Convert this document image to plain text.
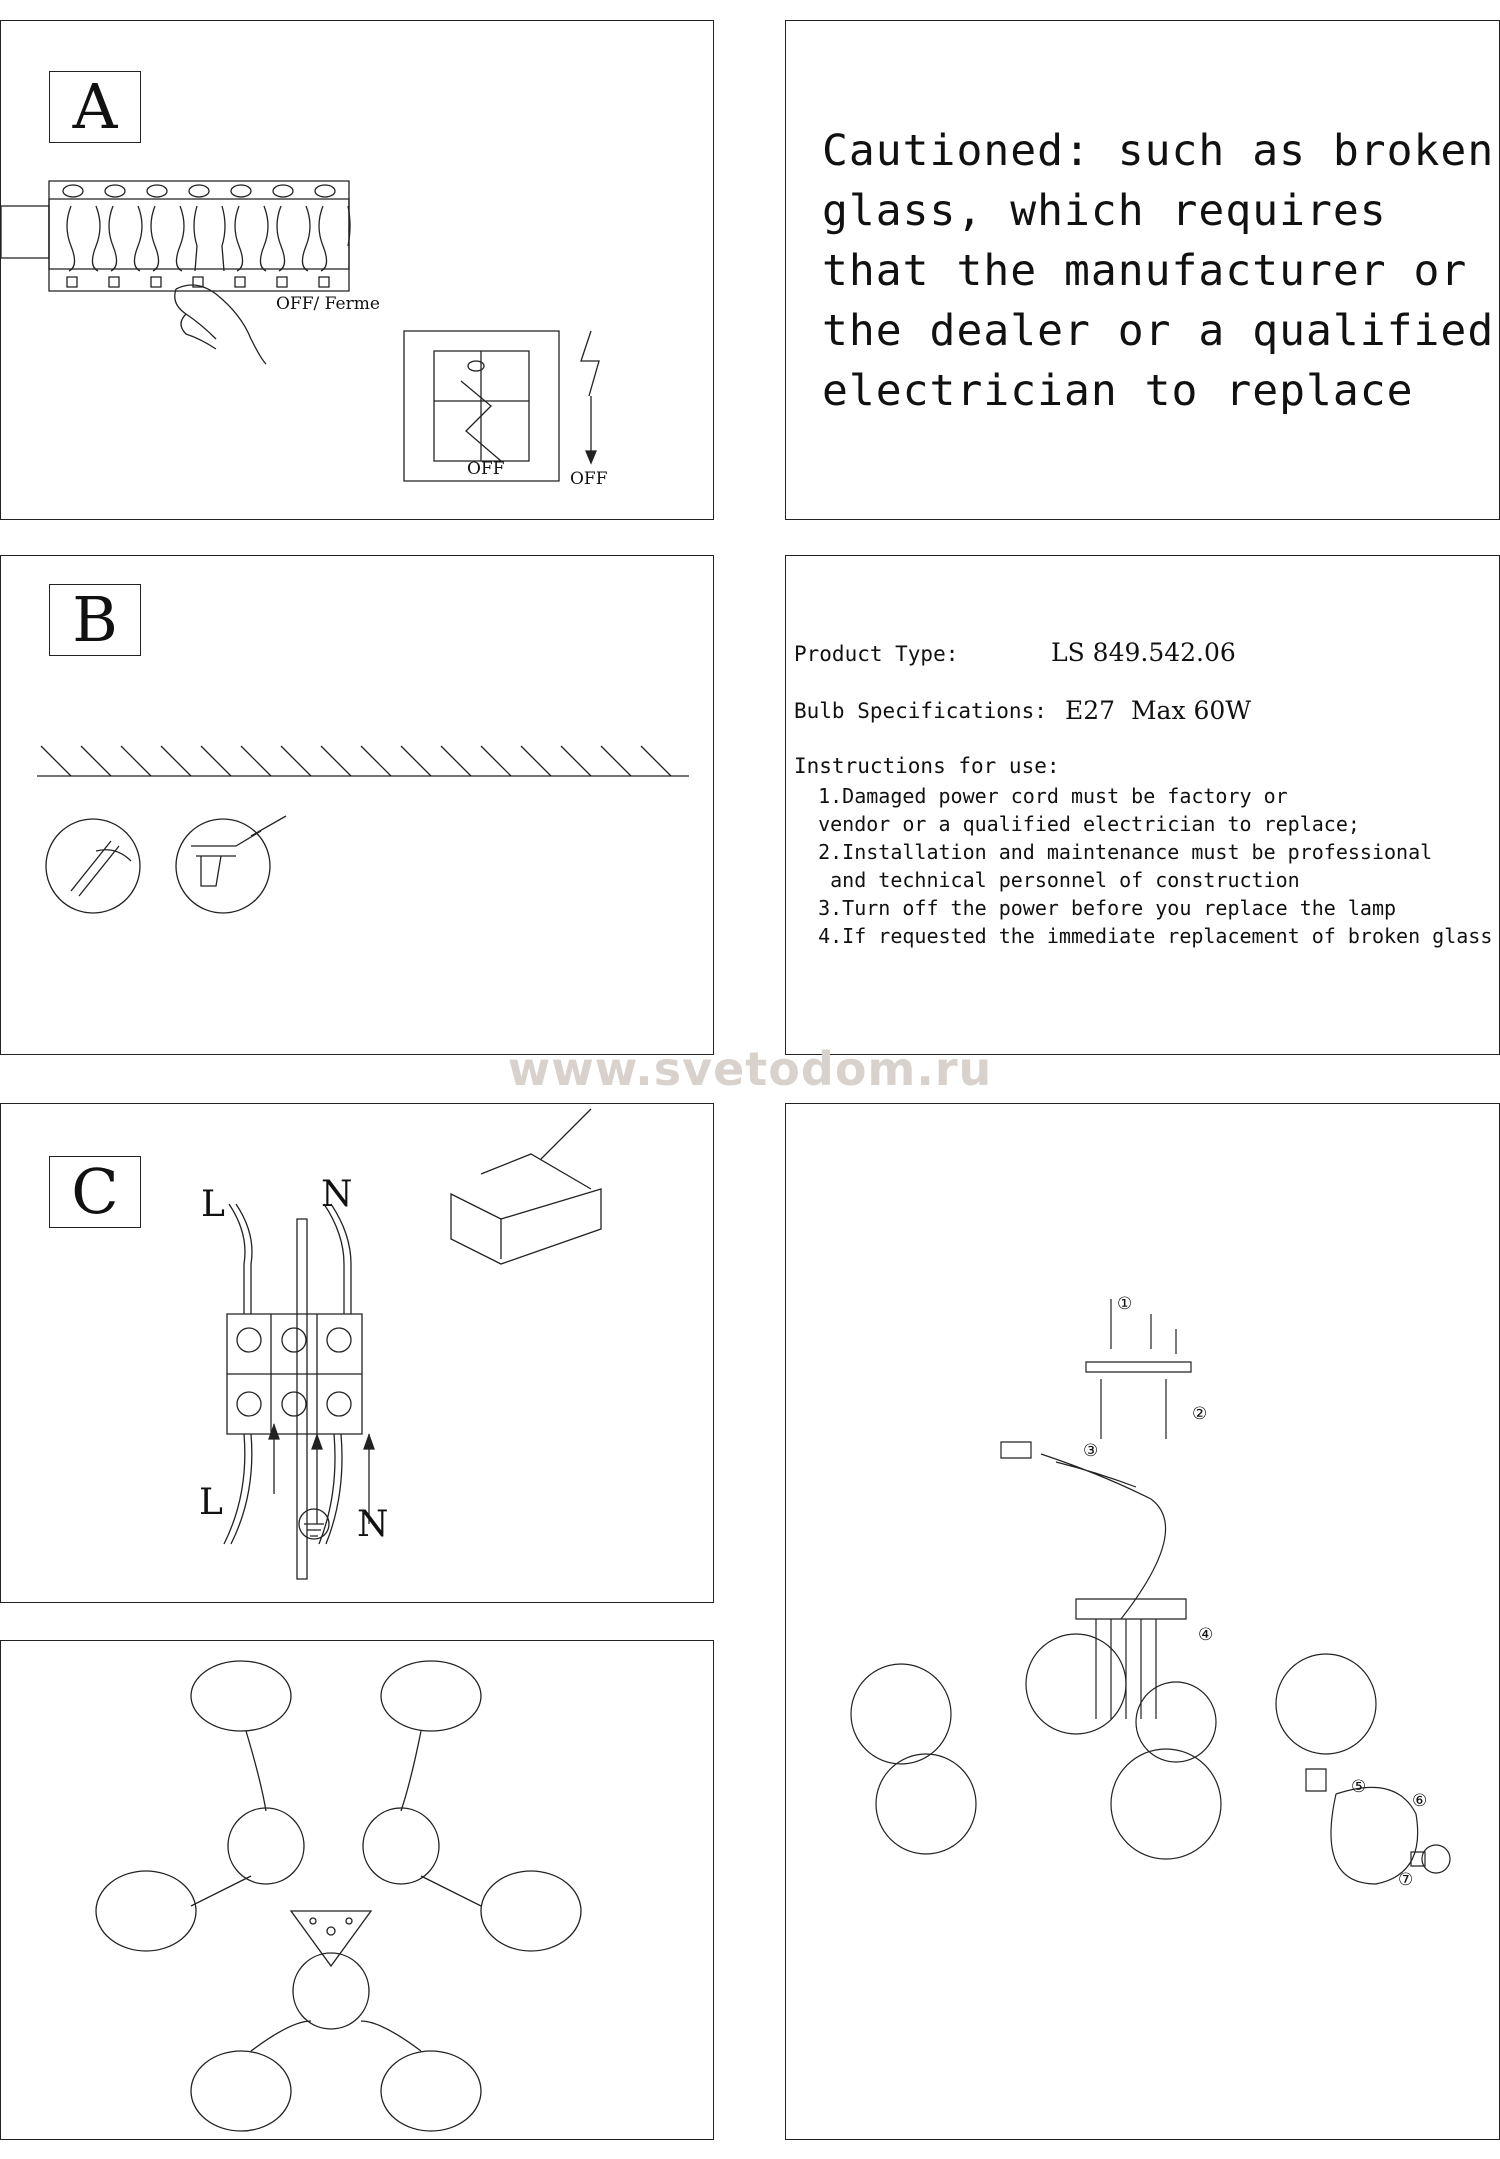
A
OFF/ Ferme
OFF	OFF
Cautioned: such as broken
glass, which requires
that the manufacturer or
the dealer or a qualified
electrician to replace
B	Product Type:	LS 849.542.06
Bulb Specifications: E27  Max 60W
Instructions for use:
1.Damaged power cord must be factory or
vendor or a qualified electrician to replace;
2.Installation and maintenance must be professional
and technical personnel of construction
3.Turn off the power before you replace the lamp
4.If requested the immediate replacement of broken glass
www.svetodom.ru
C	L	N
L
N
①
②
③
④
⑤
⑥
⑦
